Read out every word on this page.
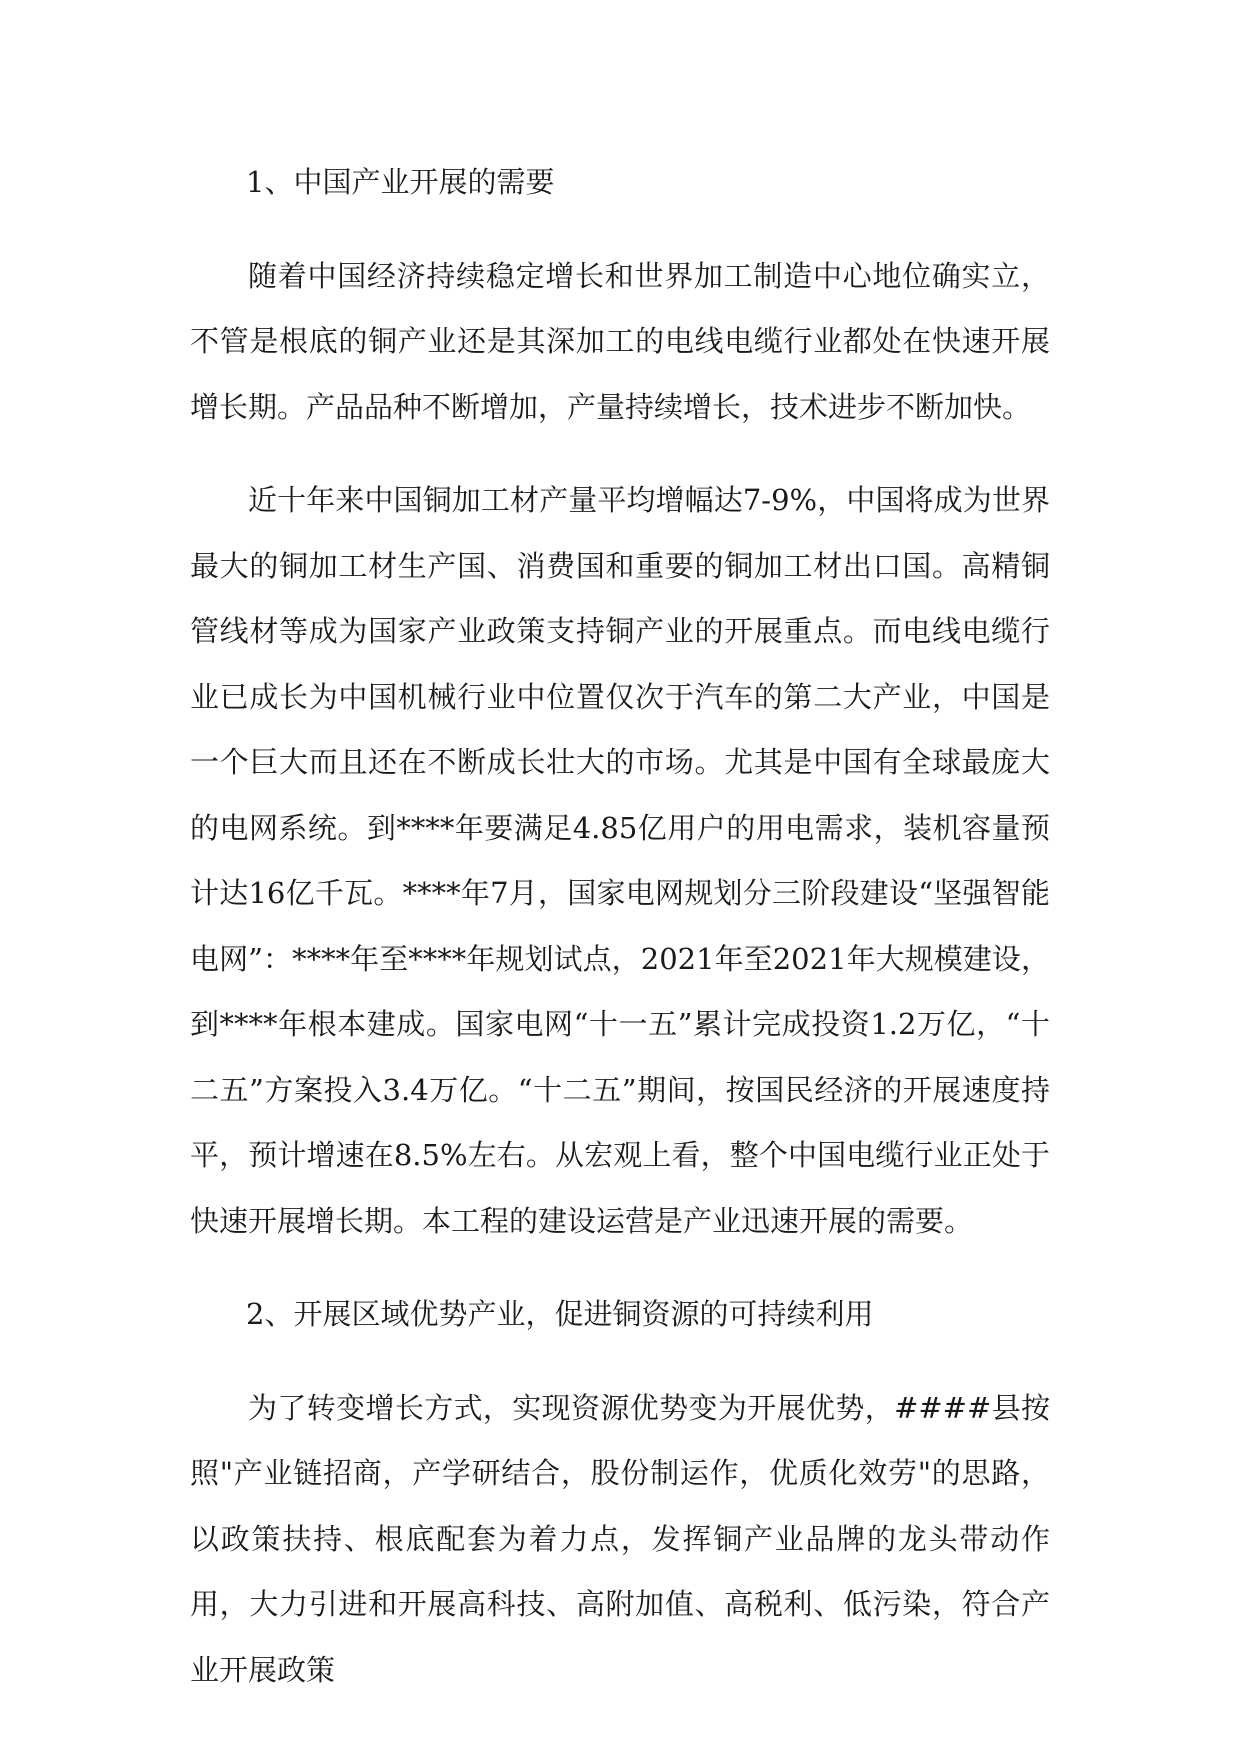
1、中国产业开展的需要

随着中国经济持续稳定增长和世界加工制造中心地位确实立，不管是根底的铜产业还是其深加工的电线电缆行业都处在快速开展增长期。产品品种不断增加，产量持续增长，技术进步不断加快。

近十年来中国铜加工材产量平均增幅达7-9%，中国将成为世界最大的铜加工材生产国、消费国和重要的铜加工材出口国。高精铜管线材等成为国家产业政策支持铜产业的开展重点。而电线电缆行业已成长为中国机械行业中位置仅次于汽车的第二大产业，中国是一个巨大而且还在不断成长壮大的市场。尤其是中国有全球最庞大的电网系统。到****年要满足4.85亿用户的用电需求，装机容量预计达16亿千瓦。****年7月，国家电网规划分三阶段建设“坚强智能电网”：****年至****年规划试点，2021年至2021年大规模建设，到****年根本建成。国家电网“十一五”累计完成投资1.2万亿，“十二五”方案投入3.4万亿。“十二五”期间，按国民经济的开展速度持平，预计增速在8.5%左右。从宏观上看，整个中国电缆行业正处于快速开展增长期。本工程的建设运营是产业迅速开展的需要。

2、开展区域优势产业，促进铜资源的可持续利用

为了转变增长方式，实现资源优势变为开展优势，####县按照"产业链招商，产学研结合，股份制运作，优质化效劳"的思路，以政策扶持、根底配套为着力点，发挥铜产业品牌的龙头带动作用，大力引进和开展高科技、高附加值、高税利、低污染，符合产业开展政策
